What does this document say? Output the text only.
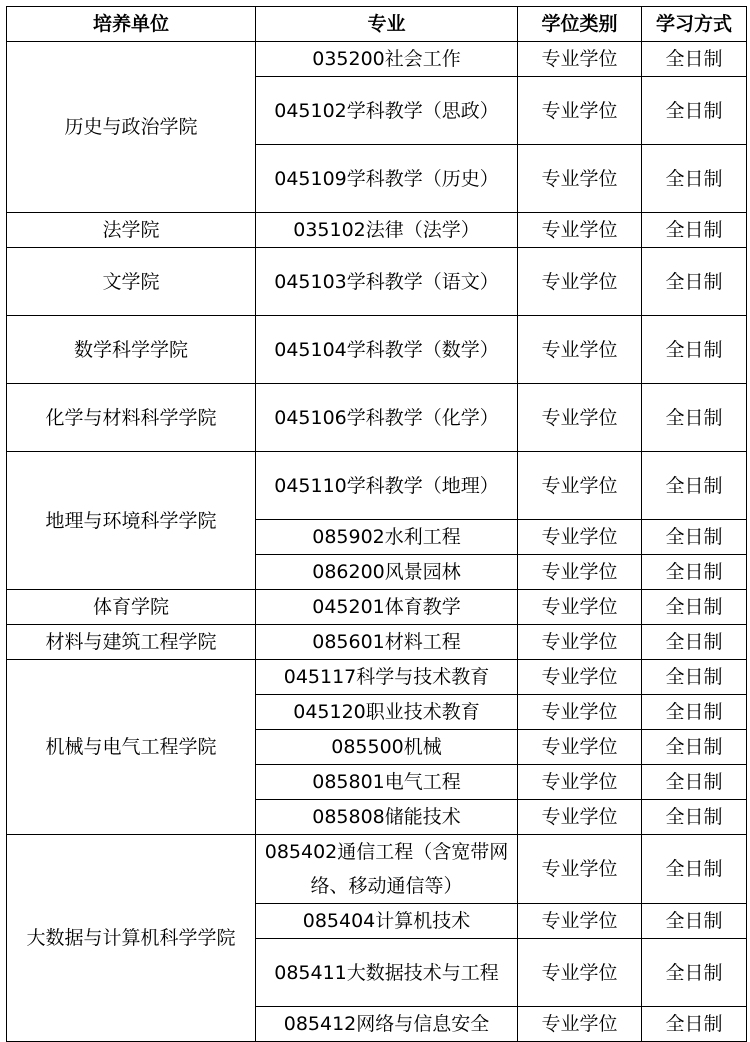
培养单位	专业	学位类别	学习方式
历史与政治学院	035200社会工作	专业学位	全日制
	045102学科教学（思政）	专业学位	全日制
	045109学科教学（历史）	专业学位	全日制
法学院	035102法律（法学）	专业学位	全日制
文学院	045103学科教学（语文）	专业学位	全日制
数学科学学院	045104学科教学（数学）	专业学位	全日制
化学与材料科学学院	045106学科教学（化学）	专业学位	全日制
地理与环境科学学院	045110学科教学（地理）	专业学位	全日制
	085902水利工程	专业学位	全日制
	086200风景园林	专业学位	全日制
体育学院	045201体育教学	专业学位	全日制
材料与建筑工程学院	085601材料工程	专业学位	全日制
机械与电气工程学院	045117科学与技术教育	专业学位	全日制
	045120职业技术教育	专业学位	全日制
	085500机械	专业学位	全日制
	085801电气工程	专业学位	全日制
	085808储能技术	专业学位	全日制
大数据与计算机科学学院	085402通信工程（含宽带网络、移动通信等）	专业学位	全日制
	085404计算机技术	专业学位	全日制
	085411大数据技术与工程	专业学位	全日制
	085412网络与信息安全	专业学位	全日制
